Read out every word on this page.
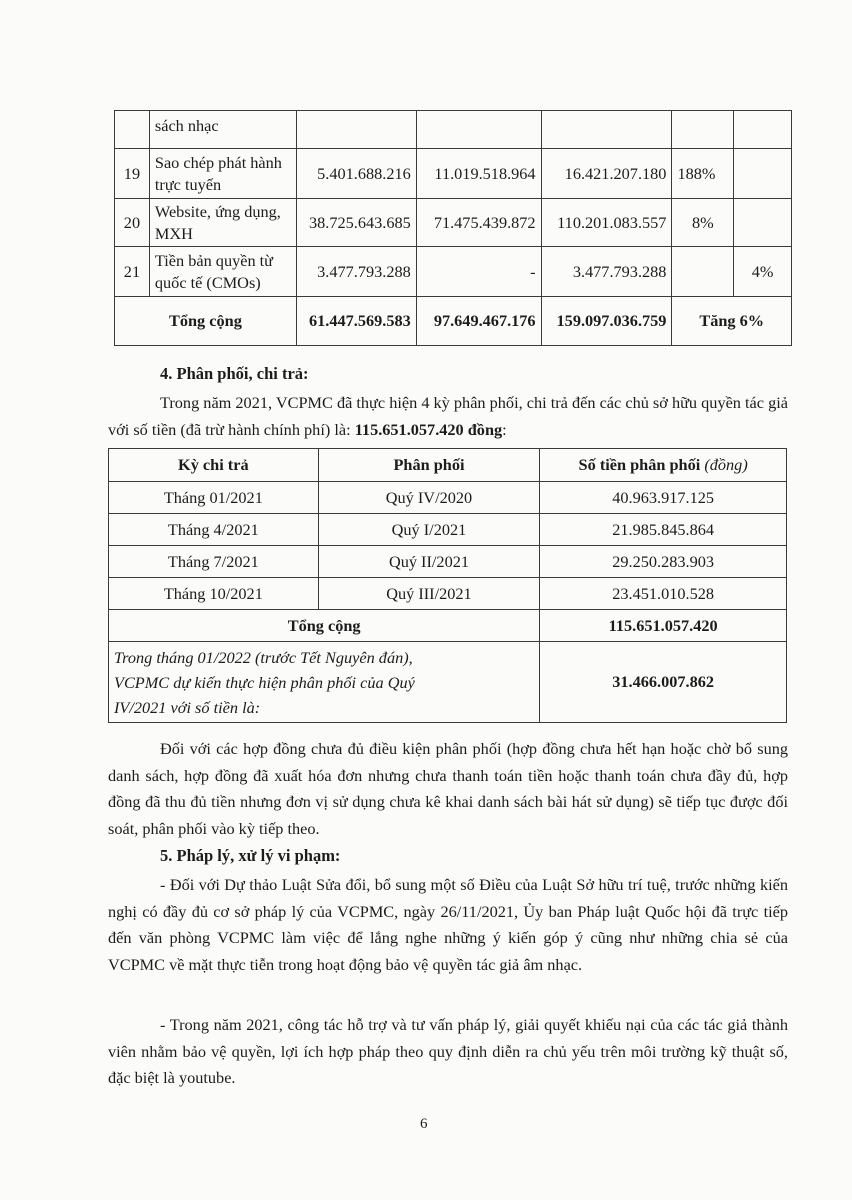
	sách nhạc					
19	Sao chép phát hành trực tuyến	5.401.688.216	11.019.518.964	16.421.207.180	188%	
20	Website, ứng dụng, MXH	38.725.643.685	71.475.439.872	110.201.083.557	8%	
21	Tiền bản quyền từ quốc tế (CMOs)	3.477.793.288	-	3.477.793.288		4%
Tổng cộng		61.447.569.583	97.649.467.176	159.097.036.759	Tăng 6%	
4. Phân phối, chi trả:
Trong năm 2021, VCPMC đã thực hiện 4 kỳ phân phối, chi trả đến các chủ sở hữu quyền tác giả với số tiền (đã trừ hành chính phí) là: 115.651.057.420 đồng:
Kỳ chi trả	Phân phối	Số tiền phân phối (đồng)
Tháng 01/2021	Quý IV/2020	40.963.917.125
Tháng 4/2021	Quý I/2021	21.985.845.864
Tháng 7/2021	Quý II/2021	29.250.283.903
Tháng 10/2021	Quý III/2021	23.451.010.528
Tổng cộng		115.651.057.420
Trong tháng 01/2022 (trước Tết Nguyên đán), VCPMC dự kiến thực hiện phân phối của Quý IV/2021 với số tiền là:		31.466.007.862
Đối với các hợp đồng chưa đủ điều kiện phân phối (hợp đồng chưa hết hạn hoặc chờ bổ sung danh sách, hợp đồng đã xuất hóa đơn nhưng chưa thanh toán tiền hoặc thanh toán chưa đầy đủ, hợp đồng đã thu đủ tiền nhưng đơn vị sử dụng chưa kê khai danh sách bài hát sử dụng) sẽ tiếp tục được đối soát, phân phối vào kỳ tiếp theo.
5. Pháp lý, xử lý vi phạm:
- Đối với Dự thảo Luật Sửa đổi, bổ sung một số Điều của Luật Sở hữu trí tuệ, trước những kiến nghị có đầy đủ cơ sở pháp lý của VCPMC, ngày 26/11/2021, Ủy ban Pháp luật Quốc hội đã trực tiếp đến văn phòng VCPMC làm việc để lắng nghe những ý kiến góp ý cũng như những chia sẻ của VCPMC về mặt thực tiễn trong hoạt động bảo vệ quyền tác giả âm nhạc.
- Trong năm 2021, công tác hỗ trợ và tư vấn pháp lý, giải quyết khiếu nại của các tác giả thành viên nhằm bảo vệ quyền, lợi ích hợp pháp theo quy định diễn ra chủ yếu trên môi trường kỹ thuật số, đặc biệt là youtube.
6
